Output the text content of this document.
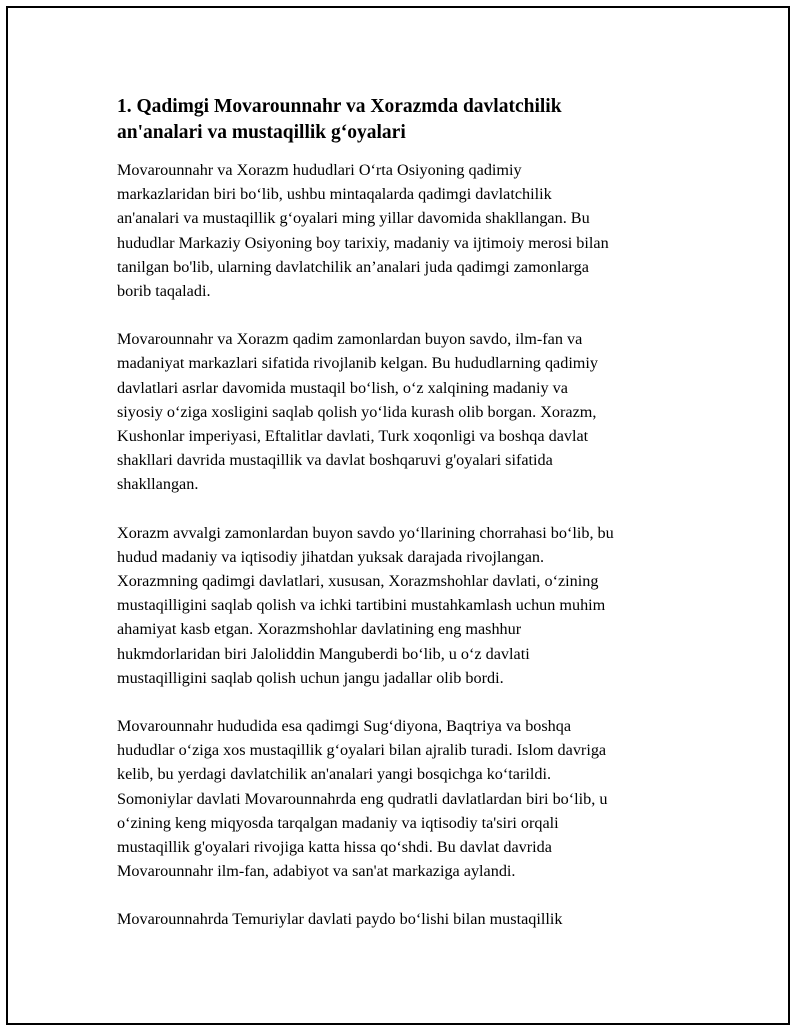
1. Qadimgi Movarounnahr va Xorazmda davlatchilik
an'analari va mustaqillik g‘oyalari

Movarounnahr va Xorazm hududlari O‘rta Osiyoning qadimiy
markazlaridan biri bo‘lib, ushbu mintaqalarda qadimgi davlatchilik
an'analari va mustaqillik g‘oyalari ming yillar davomida shakllangan. Bu
hududlar Markaziy Osiyoning boy tarixiy, madaniy va ijtimoiy merosi bilan
tanilgan bo'lib, ularning davlatchilik an’analari juda qadimgi zamonlarga
borib taqaladi.

Movarounnahr va Xorazm qadim zamonlardan buyon savdo, ilm-fan va
madaniyat markazlari sifatida rivojlanib kelgan. Bu hududlarning qadimiy
davlatlari asrlar davomida mustaqil bo‘lish, o‘z xalqining madaniy va
siyosiy o‘ziga xosligini saqlab qolish yo‘lida kurash olib borgan. Xorazm,
Kushonlar imperiyasi, Eftalitlar davlati, Turk xoqonligi va boshqa davlat
shakllari davrida mustaqillik va davlat boshqaruvi g'oyalari sifatida
shakllangan.

Xorazm avvalgi zamonlardan buyon savdo yo‘llarining chorrahasi bo‘lib, bu
hudud madaniy va iqtisodiy jihatdan yuksak darajada rivojlangan.
Xorazmning qadimgi davlatlari, xususan, Xorazmshohlar davlati, o‘zining
mustaqilligini saqlab qolish va ichki tartibini mustahkamlash uchun muhim
ahamiyat kasb etgan. Xorazmshohlar davlatining eng mashhur
hukmdorlaridan biri Jaloliddin Manguberdi bo‘lib, u o‘z davlati
mustaqilligini saqlab qolish uchun jangu jadallar olib bordi.

Movarounnahr hududida esa qadimgi Sug‘diyona, Baqtriya va boshqa
hududlar o‘ziga xos mustaqillik g‘oyalari bilan ajralib turadi. Islom davriga
kelib, bu yerdagi davlatchilik an'analari yangi bosqichga ko‘tarildi.
Somoniylar davlati Movarounnahrda eng qudratli davlatlardan biri bo‘lib, u
o‘zining keng miqyosda tarqalgan madaniy va iqtisodiy ta'siri orqali
mustaqillik g'oyalari rivojiga katta hissa qo‘shdi. Bu davlat davrida
Movarounnahr ilm-fan, adabiyot va san'at markaziga aylandi.

Movarounnahrda Temuriylar davlati paydo bo‘lishi bilan mustaqillik
